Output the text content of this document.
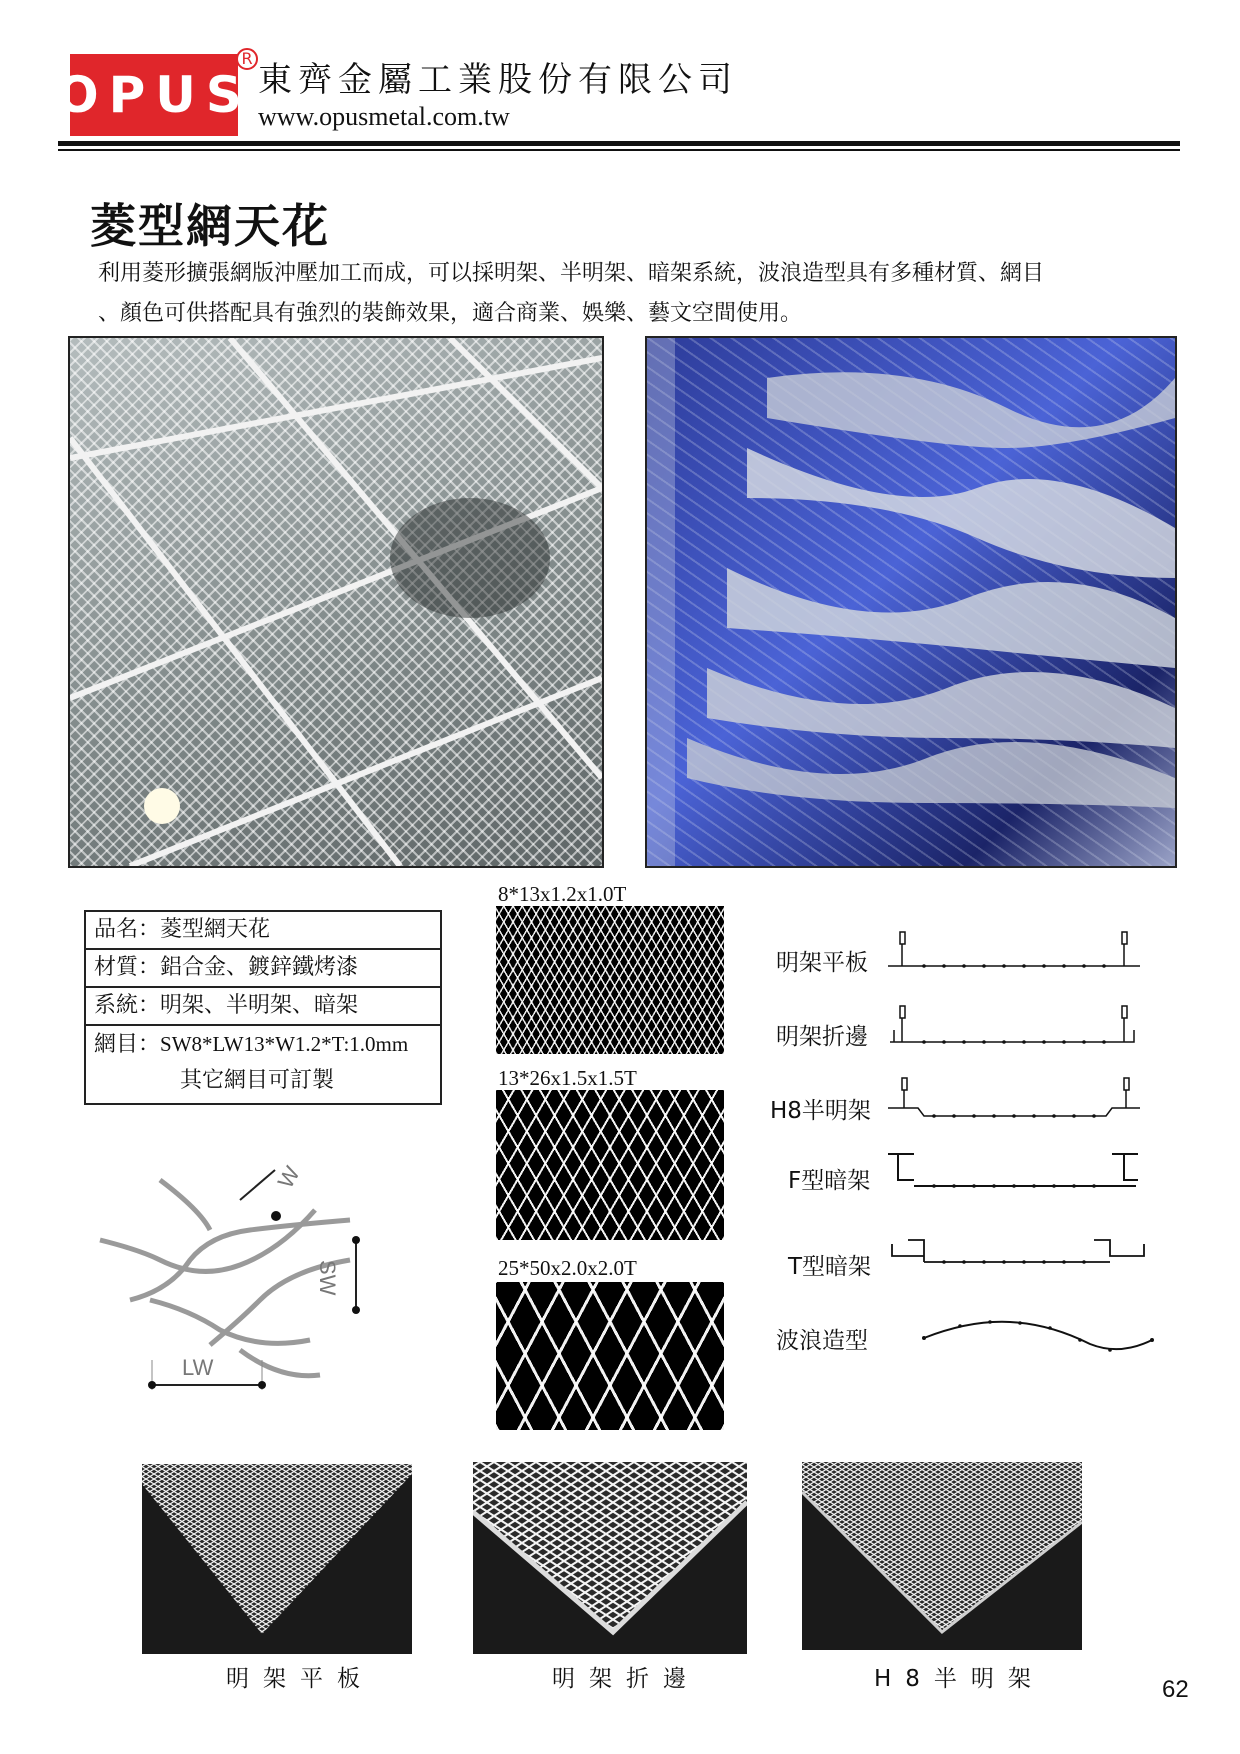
OPUS
R
東齊金屬工業股份有限公司
www.opusmetal.com.tw
菱型網天花
利用菱形擴張網版沖壓加工而成，可以採明架、半明架、暗架系統，波浪造型具有多種材質、網目
、顏色可供搭配具有強烈的裝飾效果，適合商業、娛樂、藝文空間使用。
品名：菱型網天花
材質：鋁合金、鍍鋅鐵烤漆
系統：明架、半明架、暗架
網目：SW8*LW13*W1.2*T:1.0mm
其它網目可訂製
W
SW
LW
8*13x1.2x1.0T
13*26x1.5x1.5T
25*50x2.0x2.0T
明架平板
明架折邊
H8半明架
F型暗架
T型暗架
波浪造型
明架平板	明架折邊	H8半明架	62
